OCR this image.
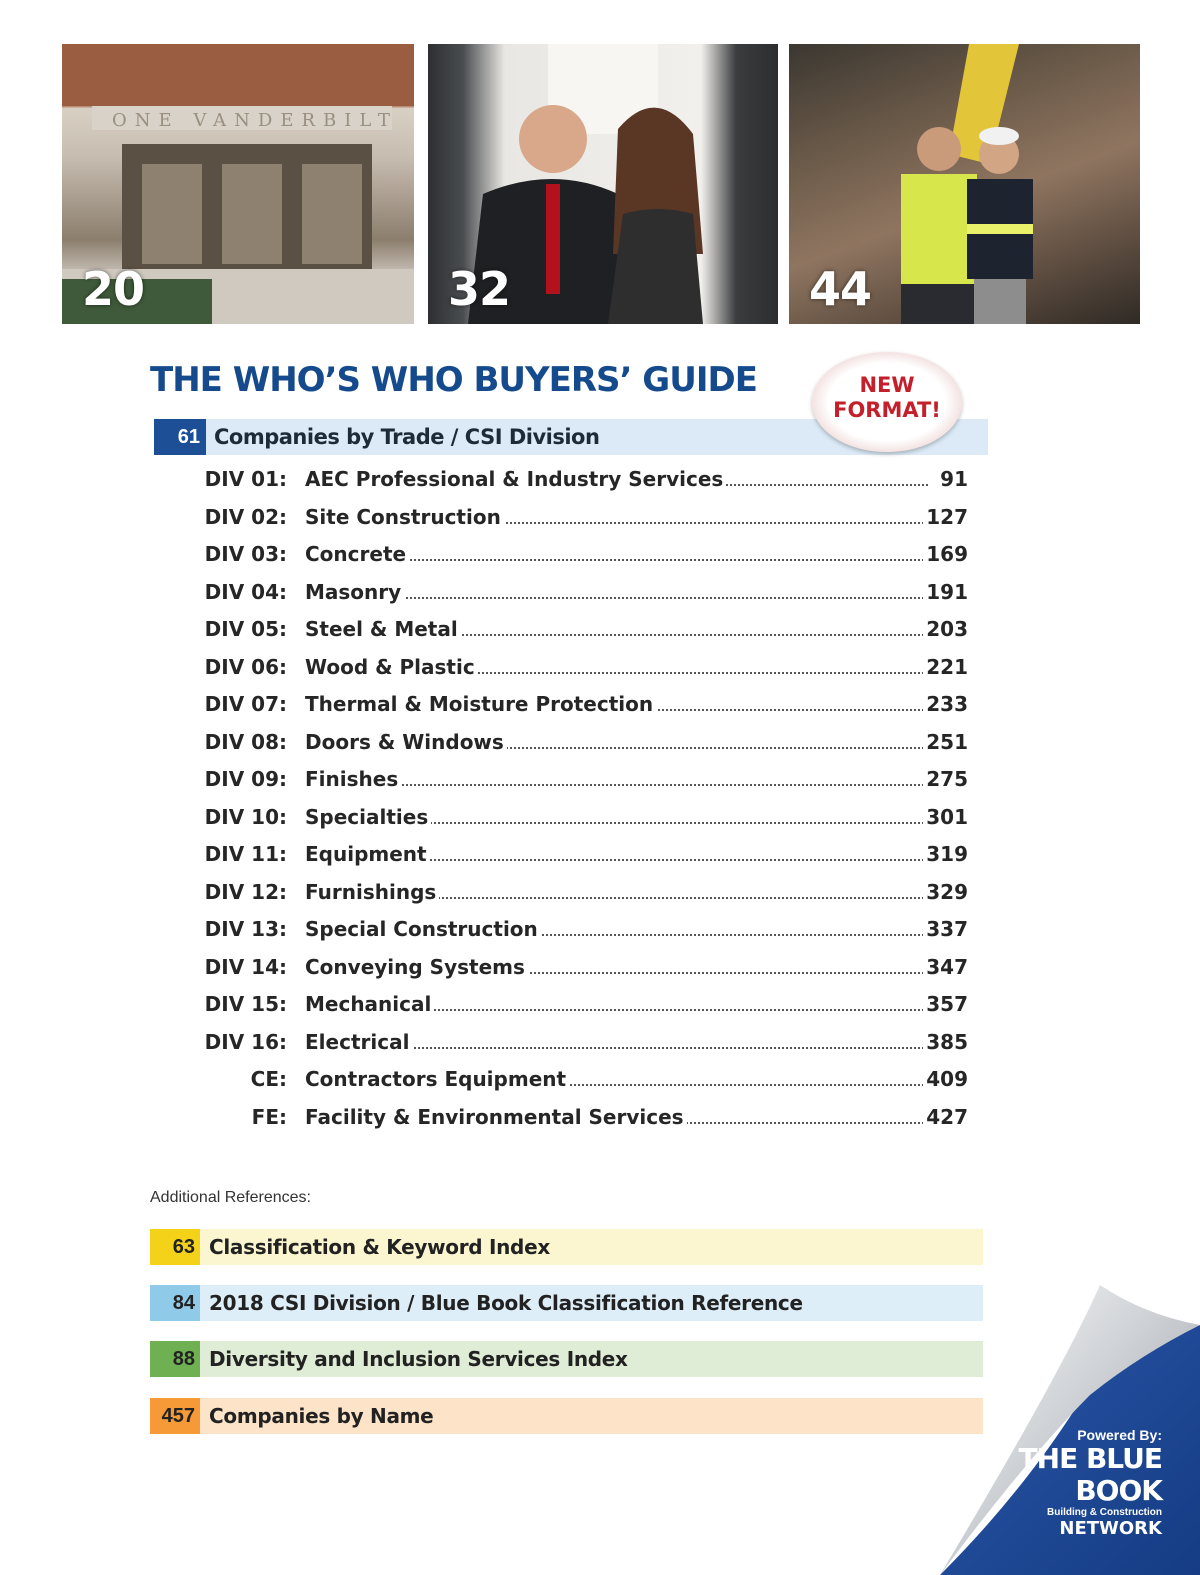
ONE VANDERBILT
20	32	44
THE WHO’S WHO BUYERS’ GUIDE	NEW
FORMAT!
61 Companies by Trade / CSI Division
DIV 01: AEC Professional & Industry Services	91
DIV 02: Site Construction	127
DIV 03: Concrete	169
DIV 04: Masonry	191
DIV 05: Steel & Metal	203
DIV 06: Wood & Plastic	221
DIV 07: Thermal & Moisture Protection	233
DIV 08: Doors & Windows	251
DIV 09: Finishes	275
DIV 10: Specialties	301
DIV 11: Equipment	319
DIV 12: Furnishings	329
DIV 13: Special Construction	337
DIV 14: Conveying Systems	347
DIV 15: Mechanical	357
DIV 16: Electrical	385
CE: Contractors Equipment	409
FE: Facility & Environmental Services	427
Additional References:
63 Classification & Keyword Index
84 2018 CSI Division / Blue Book Classification Reference
88 Diversity and Inclusion Services Index
457 Companies by Name
Powered By:
THE BLUE BOOK
Building & Construction
NETWORK
